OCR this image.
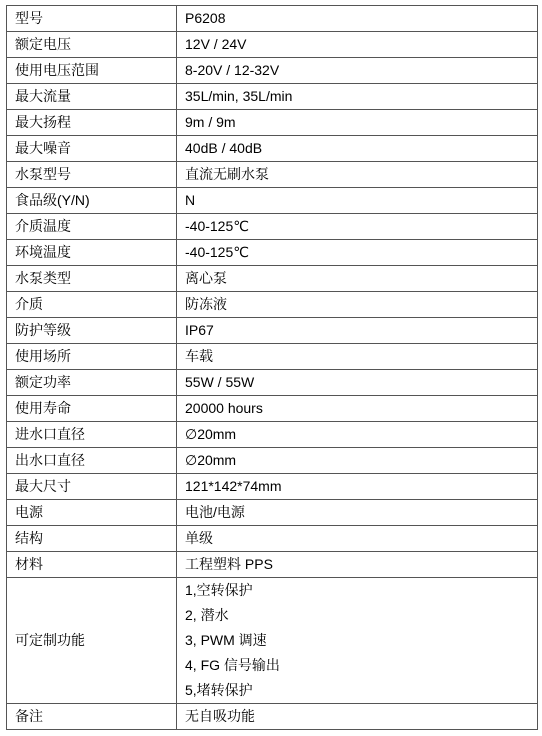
型号	P6208
额定电压	12V / 24V
使用电压范围	8-20V / 12-32V
最大流量	35L/min, 35L/min
最大扬程	9m / 9m
最大噪音	40dB / 40dB
水泵型号	直流无刷水泵
食品级(Y/N)	N
介质温度	-40-125℃
环境温度	-40-125℃
水泵类型	离心泵
介质	防冻液
防护等级	IP67
使用场所	车载
额定功率	55W / 55W
使用寿命	20000 hours
进水口直径	∅20mm
出水口直径	∅20mm
最大尺寸	121*142*74mm
电源	电池/电源
结构	单级
材料	工程塑料 PPS
可定制功能	1,空转保护
2, 潜水
3, PWM 调速
4, FG 信号输出
5,堵转保护

备注	无自吸功能
